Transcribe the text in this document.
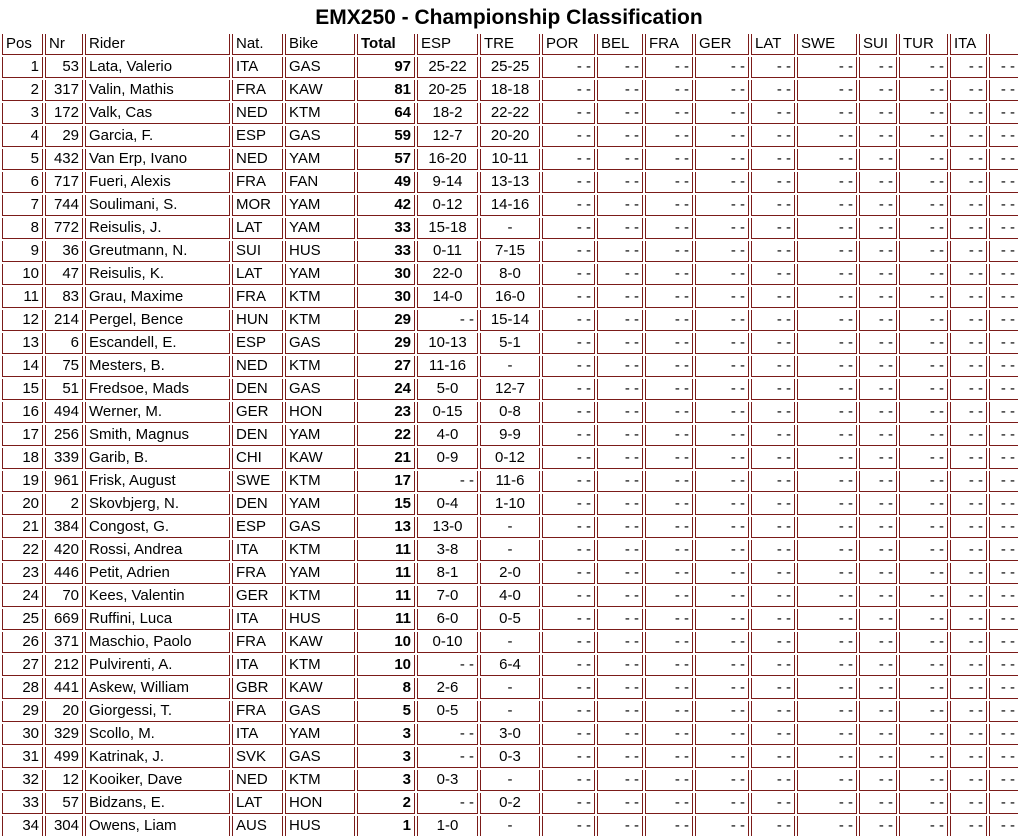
EMX250 - Championship Classification
Pos	Nr	Rider	Nat.	Bike	Total	ESP	TRE	POR	BEL	FRA	GER	LAT	SWE	SUI	TUR	ITA	
1	53	Lata, Valerio	ITA	GAS	97	25-22	25-25	- -	- -	- -	- -	- -	- -	- -	- -	- -	- -
2	317	Valin, Mathis	FRA	KAW	81	20-25	18-18	- -	- -	- -	- -	- -	- -	- -	- -	- -	- -
3	172	Valk, Cas	NED	KTM	64	18-2	22-22	- -	- -	- -	- -	- -	- -	- -	- -	- -	- -
4	29	Garcia, F.	ESP	GAS	59	12-7	20-20	- -	- -	- -	- -	- -	- -	- -	- -	- -	- -
5	432	Van Erp, Ivano	NED	YAM	57	16-20	10-11	- -	- -	- -	- -	- -	- -	- -	- -	- -	- -
6	717	Fueri, Alexis	FRA	FAN	49	9-14	13-13	- -	- -	- -	- -	- -	- -	- -	- -	- -	- -
7	744	Soulimani, S.	MOR	YAM	42	0-12	14-16	- -	- -	- -	- -	- -	- -	- -	- -	- -	- -
8	772	Reisulis, J.	LAT	YAM	33	15-18	-	- -	- -	- -	- -	- -	- -	- -	- -	- -	- -
9	36	Greutmann, N.	SUI	HUS	33	0-11	7-15	- -	- -	- -	- -	- -	- -	- -	- -	- -	- -
10	47	Reisulis, K.	LAT	YAM	30	22-0	8-0	- -	- -	- -	- -	- -	- -	- -	- -	- -	- -
11	83	Grau, Maxime	FRA	KTM	30	14-0	16-0	- -	- -	- -	- -	- -	- -	- -	- -	- -	- -
12	214	Pergel, Bence	HUN	KTM	29	- -	15-14	- -	- -	- -	- -	- -	- -	- -	- -	- -	- -
13	6	Escandell, E.	ESP	GAS	29	10-13	5-1	- -	- -	- -	- -	- -	- -	- -	- -	- -	- -
14	75	Mesters, B.	NED	KTM	27	11-16	-	- -	- -	- -	- -	- -	- -	- -	- -	- -	- -
15	51	Fredsoe, Mads	DEN	GAS	24	5-0	12-7	- -	- -	- -	- -	- -	- -	- -	- -	- -	- -
16	494	Werner, M.	GER	HON	23	0-15	0-8	- -	- -	- -	- -	- -	- -	- -	- -	- -	- -
17	256	Smith, Magnus	DEN	YAM	22	4-0	9-9	- -	- -	- -	- -	- -	- -	- -	- -	- -	- -
18	339	Garib, B.	CHI	KAW	21	0-9	0-12	- -	- -	- -	- -	- -	- -	- -	- -	- -	- -
19	961	Frisk, August	SWE	KTM	17	- -	11-6	- -	- -	- -	- -	- -	- -	- -	- -	- -	- -
20	2	Skovbjerg, N.	DEN	YAM	15	0-4	1-10	- -	- -	- -	- -	- -	- -	- -	- -	- -	- -
21	384	Congost, G.	ESP	GAS	13	13-0	-	- -	- -	- -	- -	- -	- -	- -	- -	- -	- -
22	420	Rossi, Andrea	ITA	KTM	11	3-8	-	- -	- -	- -	- -	- -	- -	- -	- -	- -	- -
23	446	Petit, Adrien	FRA	YAM	11	8-1	2-0	- -	- -	- -	- -	- -	- -	- -	- -	- -	- -
24	70	Kees, Valentin	GER	KTM	11	7-0	4-0	- -	- -	- -	- -	- -	- -	- -	- -	- -	- -
25	669	Ruffini, Luca	ITA	HUS	11	6-0	0-5	- -	- -	- -	- -	- -	- -	- -	- -	- -	- -
26	371	Maschio, Paolo	FRA	KAW	10	0-10	-	- -	- -	- -	- -	- -	- -	- -	- -	- -	- -
27	212	Pulvirenti, A.	ITA	KTM	10	- -	6-4	- -	- -	- -	- -	- -	- -	- -	- -	- -	- -
28	441	Askew, William	GBR	KAW	8	2-6	-	- -	- -	- -	- -	- -	- -	- -	- -	- -	- -
29	20	Giorgessi, T.	FRA	GAS	5	0-5	-	- -	- -	- -	- -	- -	- -	- -	- -	- -	- -
30	329	Scollo, M.	ITA	YAM	3	- -	3-0	- -	- -	- -	- -	- -	- -	- -	- -	- -	- -
31	499	Katrinak, J.	SVK	GAS	3	- -	0-3	- -	- -	- -	- -	- -	- -	- -	- -	- -	- -
32	12	Kooiker, Dave	NED	KTM	3	0-3	-	- -	- -	- -	- -	- -	- -	- -	- -	- -	- -
33	57	Bidzans, E.	LAT	HON	2	- -	0-2	- -	- -	- -	- -	- -	- -	- -	- -	- -	- -
34	304	Owens, Liam	AUS	HUS	1	1-0	-	- -	- -	- -	- -	- -	- -	- -	- -	- -	- -
